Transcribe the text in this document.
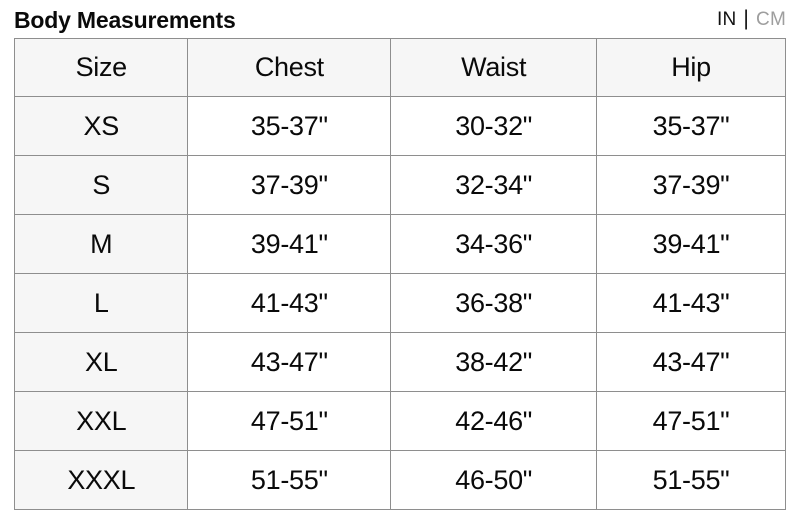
Body Measurements	IN | CM
Size	Chest	Waist	Hip
XS	35-37"	30-32"	35-37"
S	37-39"	32-34"	37-39"
M	39-41"	34-36"	39-41"
L	41-43"	36-38"	41-43"
XL	43-47"	38-42"	43-47"
XXL	47-51"	42-46"	47-51"
XXXL	51-55"	46-50"	51-55"
